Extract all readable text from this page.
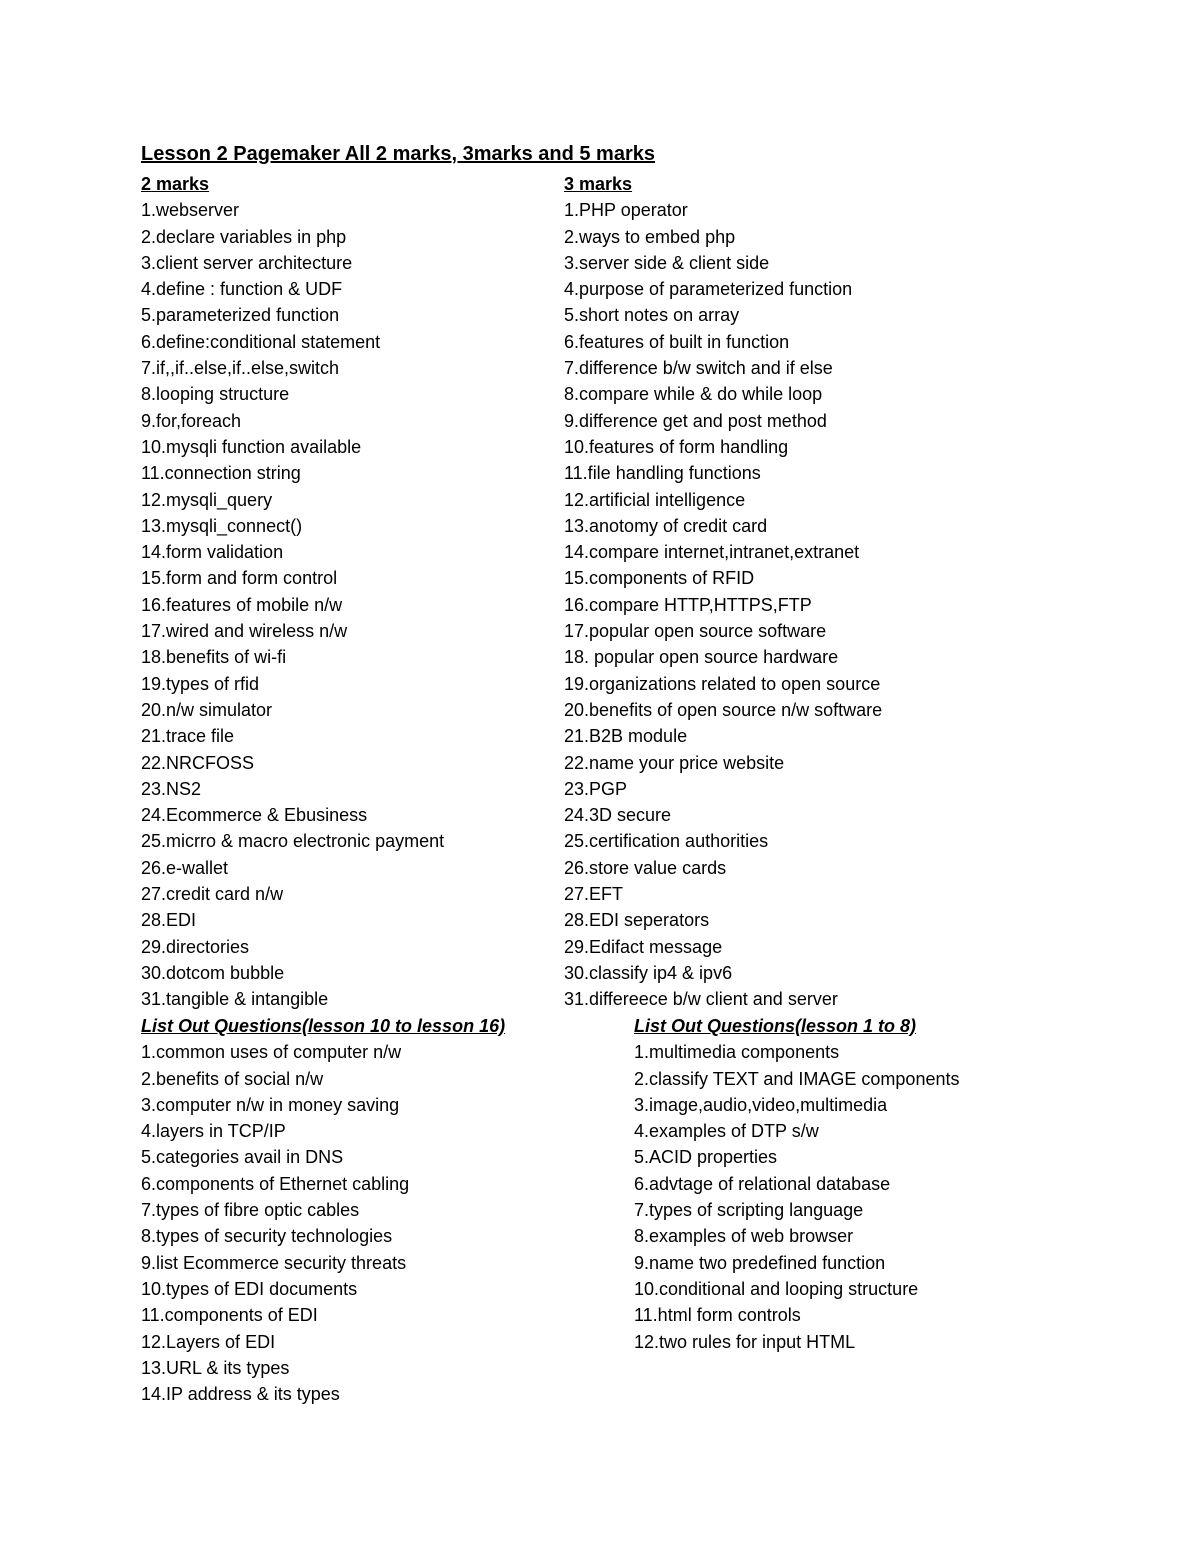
Lesson 2 Pagemaker All 2 marks, 3marks and 5 marks
2 marks
1.webserver
2.declare variables in php
3.client server architecture
4.define : function & UDF
5.parameterized function
6.define:conditional statement
7.if,,if..else,if..else,switch
8.looping structure
9.for,foreach
10.mysqli function available
11.connection string
12.mysqli_query
13.mysqli_connect()
14.form validation
15.form and form control
16.features of mobile n/w
17.wired and wireless n/w
18.benefits of wi-fi
19.types of rfid
20.n/w simulator
21.trace file
22.NRCFOSS
23.NS2
24.Ecommerce & Ebusiness
25.micrro & macro electronic payment
26.e-wallet
27.credit card n/w
28.EDI
29.directories
30.dotcom bubble
31.tangible & intangible
3 marks
1.PHP operator
2.ways to embed php
3.server side & client side
4.purpose of parameterized function
5.short notes on array
6.features of built in function
7.difference b/w switch and if else
8.compare while & do while loop
9.difference get and post method
10.features of form handling
11.file handling functions
12.artificial intelligence
13.anotomy of credit card
14.compare internet,intranet,extranet
15.components of RFID
16.compare HTTP,HTTPS,FTP
17.popular open source software
18. popular open source hardware
19.organizations related to open source
20.benefits of open source n/w software
21.B2B module
22.name your price website
23.PGP
24.3D secure
25.certification authorities
26.store value cards
27.EFT
28.EDI seperators
29.Edifact message
30.classify ip4 & ipv6
31.differeece b/w client and server
List Out Questions(lesson 10 to lesson 16)
1.common uses of computer n/w
2.benefits of social n/w
3.computer n/w in money saving
4.layers in TCP/IP
5.categories avail in DNS
6.components of Ethernet cabling
7.types of fibre optic cables
8.types of security technologies
9.list Ecommerce security threats
10.types of EDI documents
11.components of EDI
12.Layers of EDI
13.URL & its types
14.IP address & its types
List Out Questions(lesson 1 to 8)
1.multimedia components
2.classify TEXT and IMAGE components
3.image,audio,video,multimedia
4.examples of DTP s/w
5.ACID properties
6.advtage of relational database
7.types of scripting language
8.examples of web browser
9.name two predefined function
10.conditional and looping structure
11.html form controls
12.two rules for input HTML
